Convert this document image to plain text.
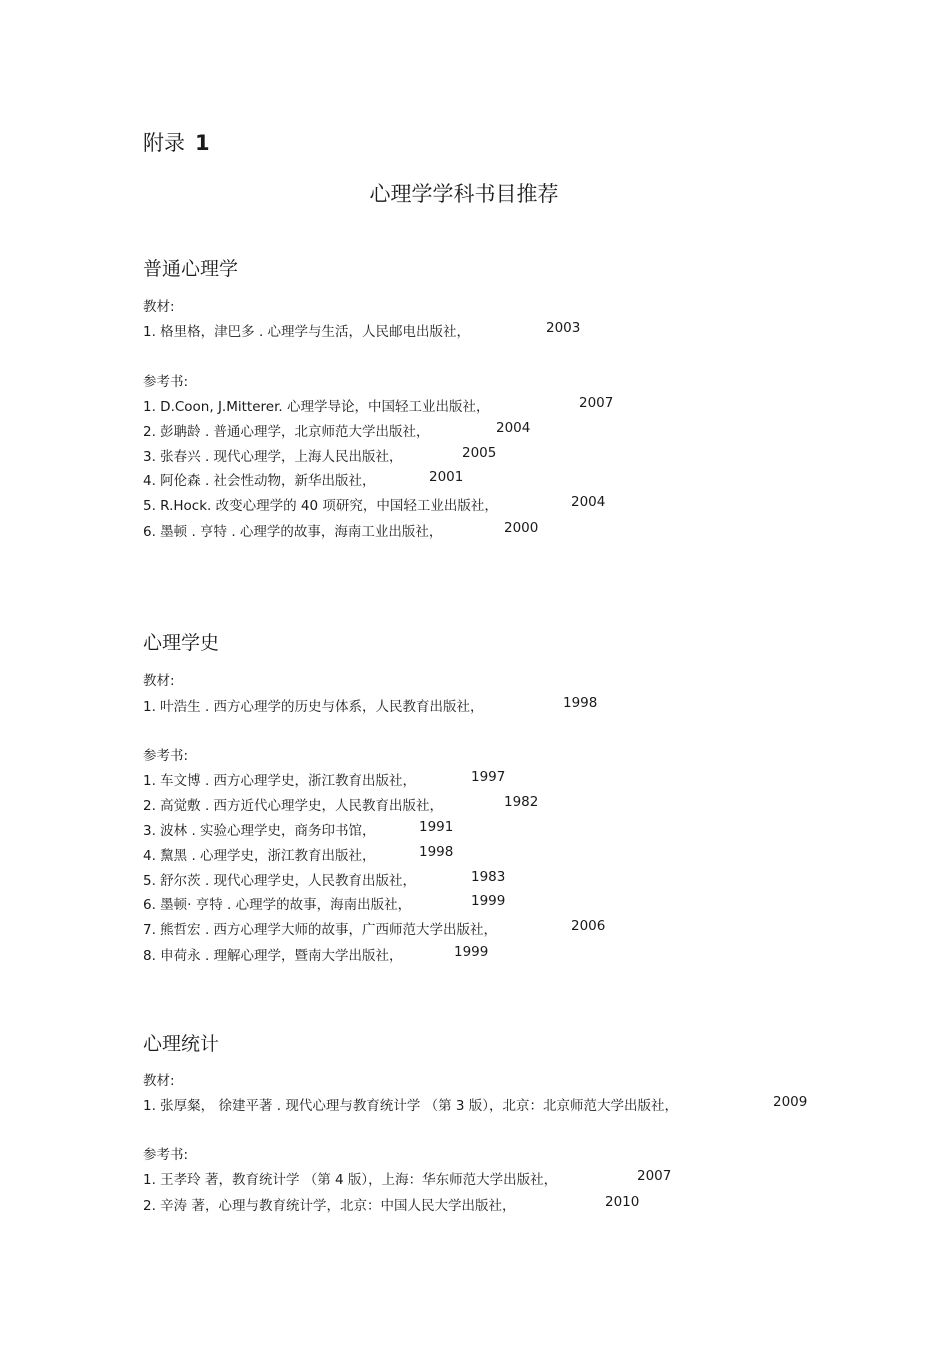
附录 1
心理学学科书目推荐
普通心理学
教材:
1. 格里格，津巴多 . 心理学与生活，人民邮电出版社，	2003
参考书:
1. D.Coon, J.Mitterer. 心理学导论，中国轻工业出版社，	2007
2. 彭聃龄 . 普通心理学，北京师范大学出版社，	2004
3. 张春兴 . 现代心理学，上海人民出版社，	2005
4. 阿伦森 . 社会性动物，新华出版社，	2001
5. R.Hock. 改变心理学的 40 项研究，中国轻工业出版社，	2004
6. 墨顿 . 亨特 . 心理学的故事，海南工业出版社，	2000
心理学史
教材:
1. 叶浩生 . 西方心理学的历史与体系，人民教育出版社，	1998
参考书:
1. 车文博 . 西方心理学史，浙江教育出版社，	1997
2. 高觉敷 . 西方近代心理学史，人民教育出版社，	1982
3. 波林 . 实验心理学史，商务印书馆，	1991
4. 黧黑 . 心理学史，浙江教育出版社，	1998
5. 舒尔茨 . 现代心理学史，人民教育出版社，	1983
6. 墨顿· 亨特 . 心理学的故事，海南出版社，	1999
7. 熊哲宏 . 西方心理学大师的故事，广西师范大学出版社，	2006
8. 申荷永 . 理解心理学，暨南大学出版社，	1999
心理统计
教材:
1. 张厚粲， 徐建平著 . 现代心理与教育统计学 （第 3 版），北京：北京师范大学出版社，	2009
参考书:
1. 王孝玲 著，教育统计学 （第 4 版），上海：华东师范大学出版社，	2007
2. 辛涛 著，心理与教育统计学，北京：中国人民大学出版社，	2010
